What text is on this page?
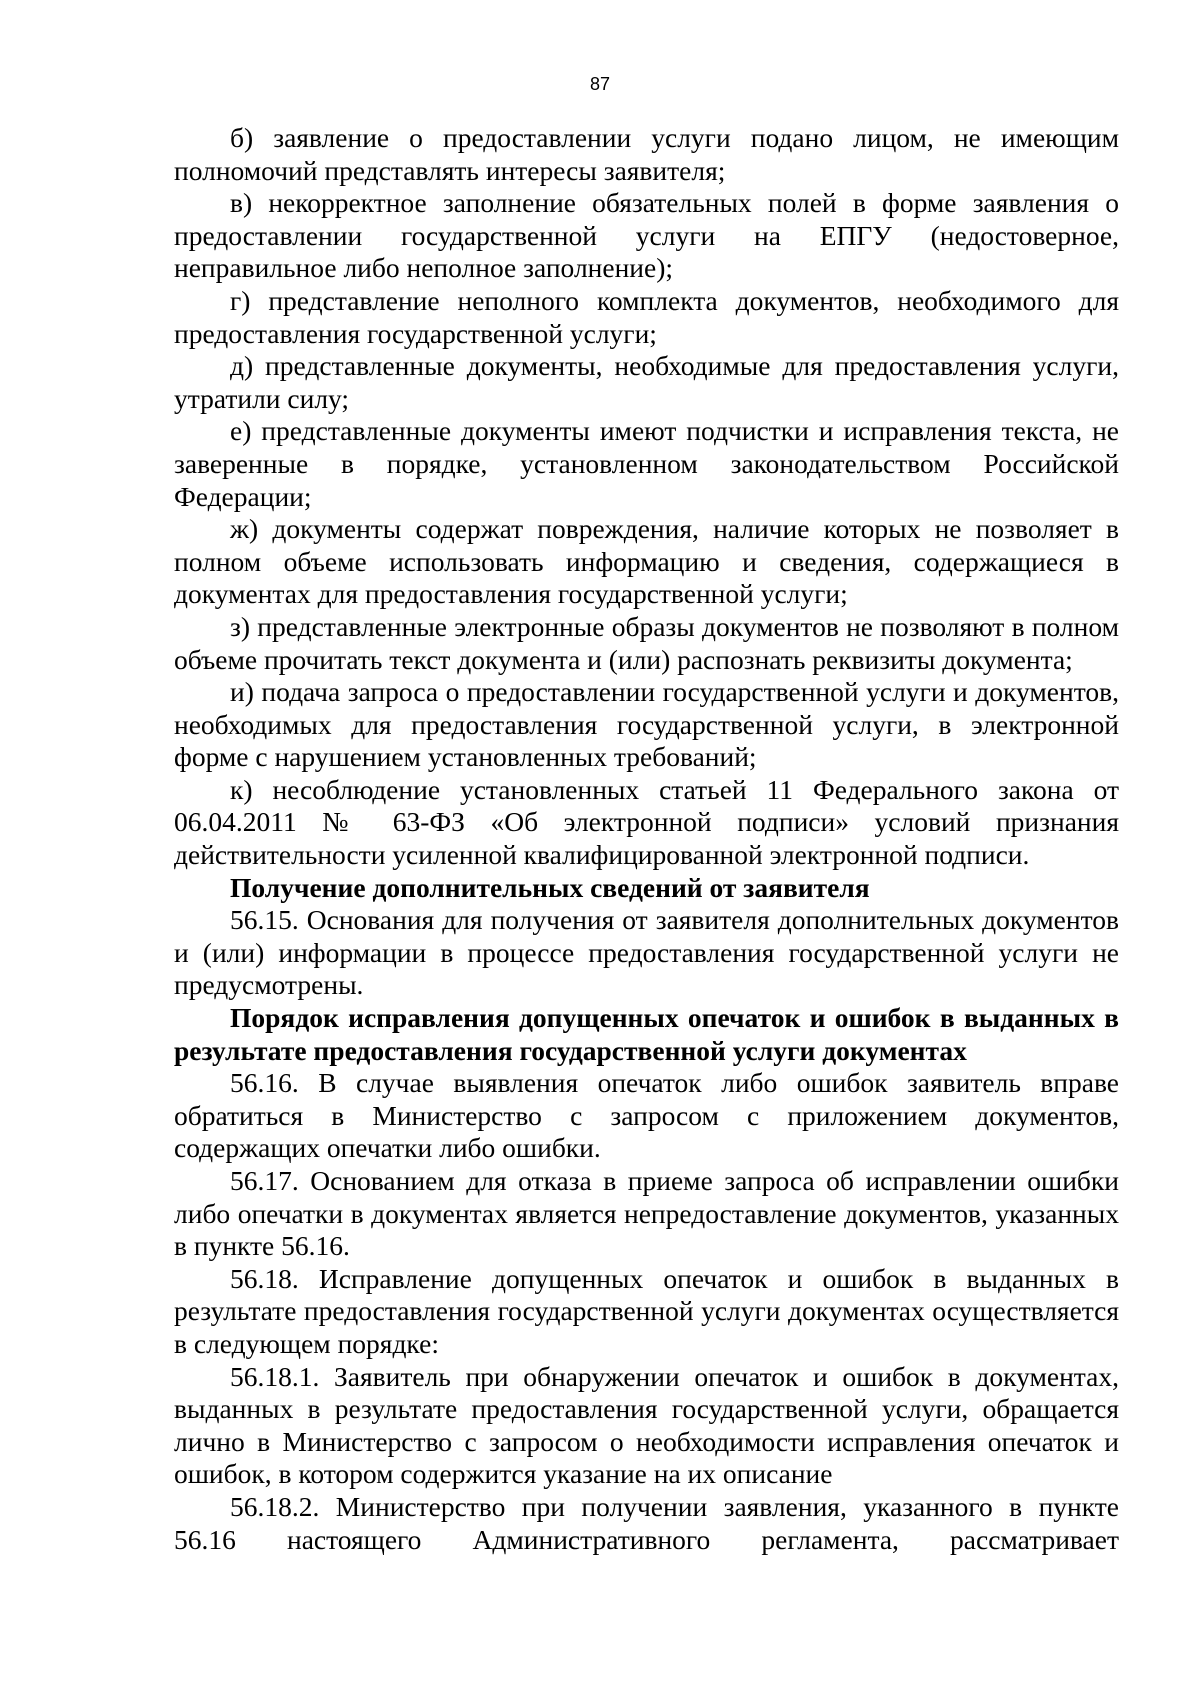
87

б) заявление о предоставлении услуги подано лицом, не имеющим полномочий представлять интересы заявителя;

в) некорректное заполнение обязательных полей в форме заявления о предоставлении государственной услуги на ЕПГУ (недостоверное, неправильное либо неполное заполнение);

г) представление неполного комплекта документов, необходимого для предоставления государственной услуги;

д) представленные документы, необходимые для предоставления услуги, утратили силу;

е) представленные документы имеют подчистки и исправления текста, не заверенные в порядке, установленном законодательством Российской Федерации;

ж) документы содержат повреждения, наличие которых не позволяет в полном объеме использовать информацию и сведения, содержащиеся в документах для предоставления государственной услуги;

з) представленные электронные образы документов не позволяют в полном объеме прочитать текст документа и (или) распознать реквизиты документа;

и) подача запроса о предоставлении государственной услуги и документов, необходимых для предоставления государственной услуги, в электронной форме с нарушением установленных требований;

к) несоблюдение установленных статьей 11 Федерального закона от 06.04.2011 № 63-ФЗ «Об электронной подписи» условий признания действительности усиленной квалифицированной электронной подписи.

Получение дополнительных сведений от заявителя

56.15. Основания для получения от заявителя дополнительных документов и (или) информации в процессе предоставления государственной услуги не предусмотрены.

Порядок исправления допущенных опечаток и ошибок в выданных в результате предоставления государственной услуги документах

56.16. В случае выявления опечаток либо ошибок заявитель вправе обратиться в Министерство с запросом с приложением документов, содержащих опечатки либо ошибки.

56.17. Основанием для отказа в приеме запроса об исправлении ошибки либо опечатки в документах является непредоставление документов, указанных в пункте 56.16.

56.18. Исправление допущенных опечаток и ошибок в выданных в результате предоставления государственной услуги документах осуществляется в следующем порядке:

56.18.1. Заявитель при обнаружении опечаток и ошибок в документах, выданных в результате предоставления государственной услуги, обращается лично в Министерство с запросом о необходимости исправления опечаток и ошибок, в котором содержится указание на их описание

56.18.2. Министерство при получении заявления, указанного в пункте 56.16 настоящего Административного регламента, рассматривает
